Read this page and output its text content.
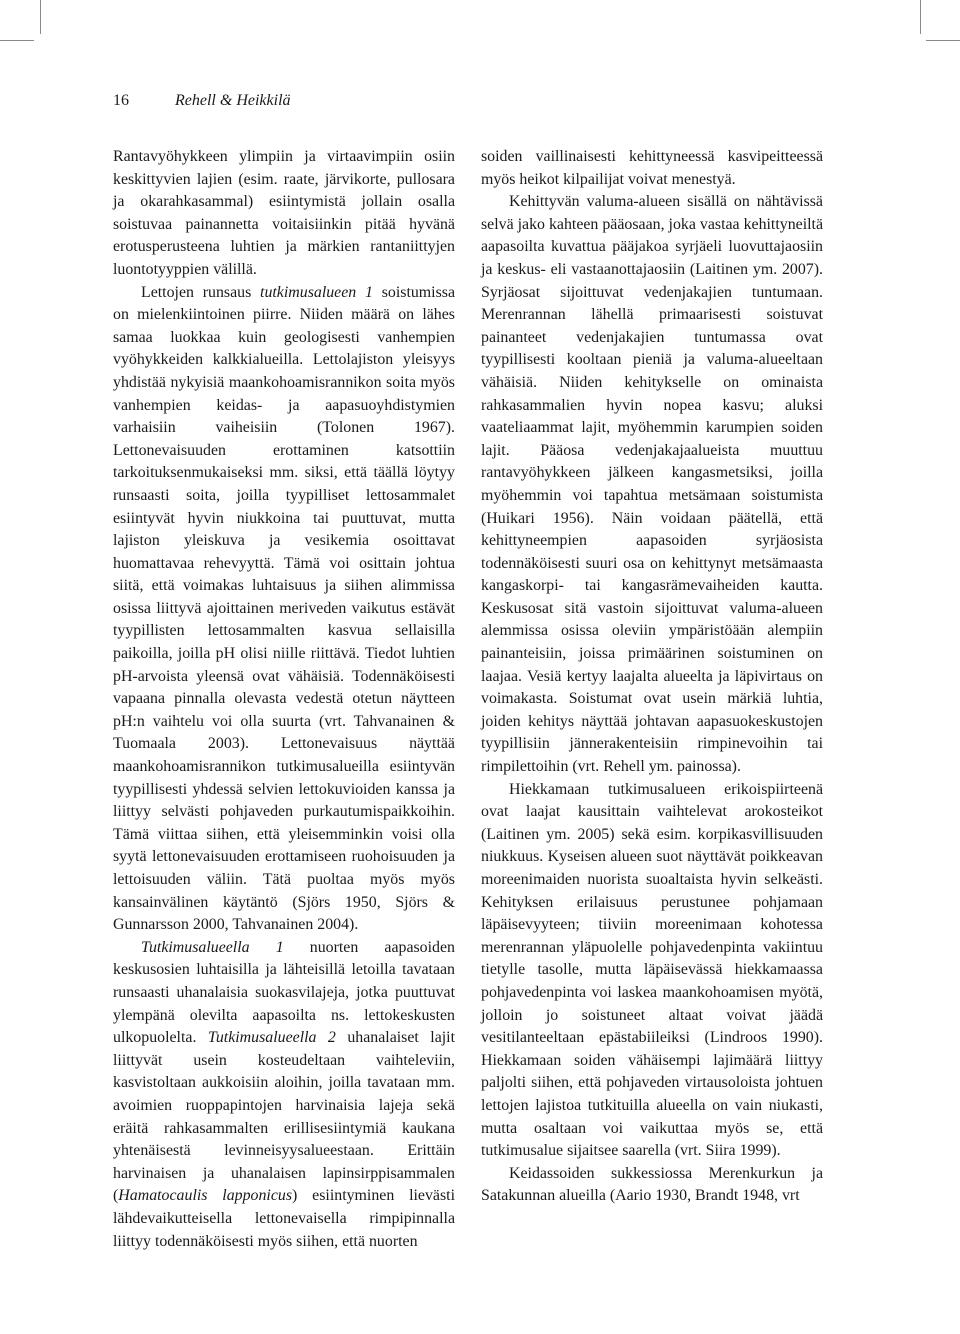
16	Rehell & Heikkilä

Rantavyöhykkeen ylimpiin ja virtaavimpiin osiin keskittyvien lajien (esim. raate, järvikorte, pullosara ja okarahkasammal) esiintymistä jollain osalla soistuvaa painannetta voitaisiinkin pitää hyvänä erotusperusteena luhtien ja märkien rantaniittyjen luontotyyppien välillä.

Lettojen runsaus tutkimusalueen 1 soistumissa on mielenkiintoinen piirre. Niiden määrä on lähes samaa luokkaa kuin geologisesti vanhempien vyöhykkeiden kalkkialueilla. Lettolajiston yleisyys yhdistää nykyisiä maankohoamisrannikon soita myös vanhempien keidas- ja aapasuoyhdistymien varhaisiin vaiheisiin (Tolonen 1967). Lettonevaisuuden erottaminen katsottiin tarkoituksenmukaiseksi mm. siksi, että täällä löytyy runsaasti soita, joilla tyypilliset lettosammalet esiintyvät hyvin niukkoina tai puuttuvat, mutta lajiston yleiskuva ja vesikemia osoittavat huomattavaa rehevyyttä. Tämä voi osittain johtua siitä, että voimakas luhtaisuus ja siihen alimmissa osissa liittyvä ajoittainen meriveden vaikutus estävät tyypillisten lettosammalten kasvua sellaisilla paikoilla, joilla pH olisi niille riittävä. Tiedot luhtien pH-arvoista yleensä ovat vähäisiä. Todennäköisesti vapaana pinnalla olevasta vedestä otetun näytteen pH:n vaihtelu voi olla suurta (vrt. Tahvanainen & Tuomaala 2003). Lettonevaisuus näyttää maankohoamisrannikon tutkimusalueilla esiintyvän tyypillisesti yhdessä selvien lettokuvioiden kanssa ja liittyy selvästi pohjaveden purkautumispaikkoihin. Tämä viittaa siihen, että yleisemminkin voisi olla syytä lettonevaisuuden erottamiseen ruohoisuuden ja lettoisuuden väliin. Tätä puoltaa myös myös kansainvälinen käytäntö (Sjörs 1950, Sjörs & Gunnarsson 2000, Tahvanainen 2004).

Tutkimusalueella 1 nuorten aapasoiden keskusosien luhtaisilla ja lähteisillä letoilla tavataan runsaasti uhanalaisia suokasvilajeja, jotka puuttuvat ylempänä olevilta aapasoilta ns. lettokeskusten ulkopuolelta. Tutkimusalueella 2 uhanalaiset lajit liittyvät usein kosteudeltaan vaihteleviin, kasvistoltaan aukkoisiin aloihin, joilla tavataan mm. avoimien ruoppapintojen harvinaisia lajeja sekä eräitä rahkasammalten erillisesiintymiä kaukana yhtenäisestä levinneisyysalueestaan. Erittäin harvinaisen ja uhanalaisen lapinsirppisammalen (Hamatocaulis lapponicus) esiintyminen lievästi lähdevaikutteisella lettonevaisella rimpipinnalla liittyy todennäköisesti myös siihen, että nuorten

soiden vaillinaisesti kehittyneessä kasvipeitteessä myös heikot kilpailijat voivat menestyä.

Kehittyvän valuma-alueen sisällä on nähtävissä selvä jako kahteen pääosaan, joka vastaa kehittyneiltä aapasoilta kuvattua pääjakoa syrjäeli luovuttajaosiin ja keskus- eli vastaanottajaosiin (Laitinen ym. 2007). Syrjäosat sijoittuvat vedenjakajien tuntumaan. Merenrannan lähellä primaarisesti soistuvat painanteet vedenjakajien tuntumassa ovat tyypillisesti kooltaan pieniä ja valuma-alueeltaan vähäisiä. Niiden kehitykselle on ominaista rahkasammalien hyvin nopea kasvu; aluksi vaateliaammat lajit, myöhemmin karumpien soiden lajit. Pääosa vedenjakajaalueista muuttuu rantavyöhykkeen jälkeen kangasmetsiksi, joilla myöhemmin voi tapahtua metsämaan soistumista (Huikari 1956). Näin voidaan päätellä, että kehittyneempien aapasoiden syrjäosista todennäköisesti suuri osa on kehittynyt metsämaasta kangaskorpi- tai kangasrämevaiheiden kautta. Keskusosat sitä vastoin sijoittuvat valuma-alueen alemmissa osissa oleviin ympäristöään alempiin painanteisiin, joissa primäärinen soistuminen on laajaa. Vesiä kertyy laajalta alueelta ja läpivirtaus on voimakasta. Soistumat ovat usein märkiä luhtia, joiden kehitys näyttää johtavan aapasuokeskustojen tyypillisiin jännerakenteisiin rimpinevoihin tai rimpilettoihin (vrt. Rehell ym. painossa).

Hiekkamaan tutkimusalueen erikoispiirteenä ovat laajat kausittain vaihtelevat arokosteikot (Laitinen ym. 2005) sekä esim. korpikasvillisuuden niukkuus. Kyseisen alueen suot näyttävät poikkeavan moreenimaiden nuorista suoaltaista hyvin selkeästi. Kehityksen erilaisuus perustunee pohjamaan läpäisevyyteen; tiiviin moreenimaan kohotessa merenrannan yläpuolelle pohjavedenpinta vakiintuu tietylle tasolle, mutta läpäisevässä hiekkamaassa pohjavedenpinta voi laskea maankohoamisen myötä, jolloin jo soistuneet altaat voivat jäädä vesitilanteeltaan epästabiileiksi (Lindroos 1990). Hiekkamaan soiden vähäisempi lajimäärä liittyy paljolti siihen, että pohjaveden virtausoloista johtuen lettojen lajistoa tutkituilla alueella on vain niukasti, mutta osaltaan voi vaikuttaa myös se, että tutkimusalue sijaitsee saarella (vrt. Siira 1999).

Keidassoiden sukkessiossa Merenkurkun ja Satakunnan alueilla (Aario 1930, Brandt 1948, vrt
